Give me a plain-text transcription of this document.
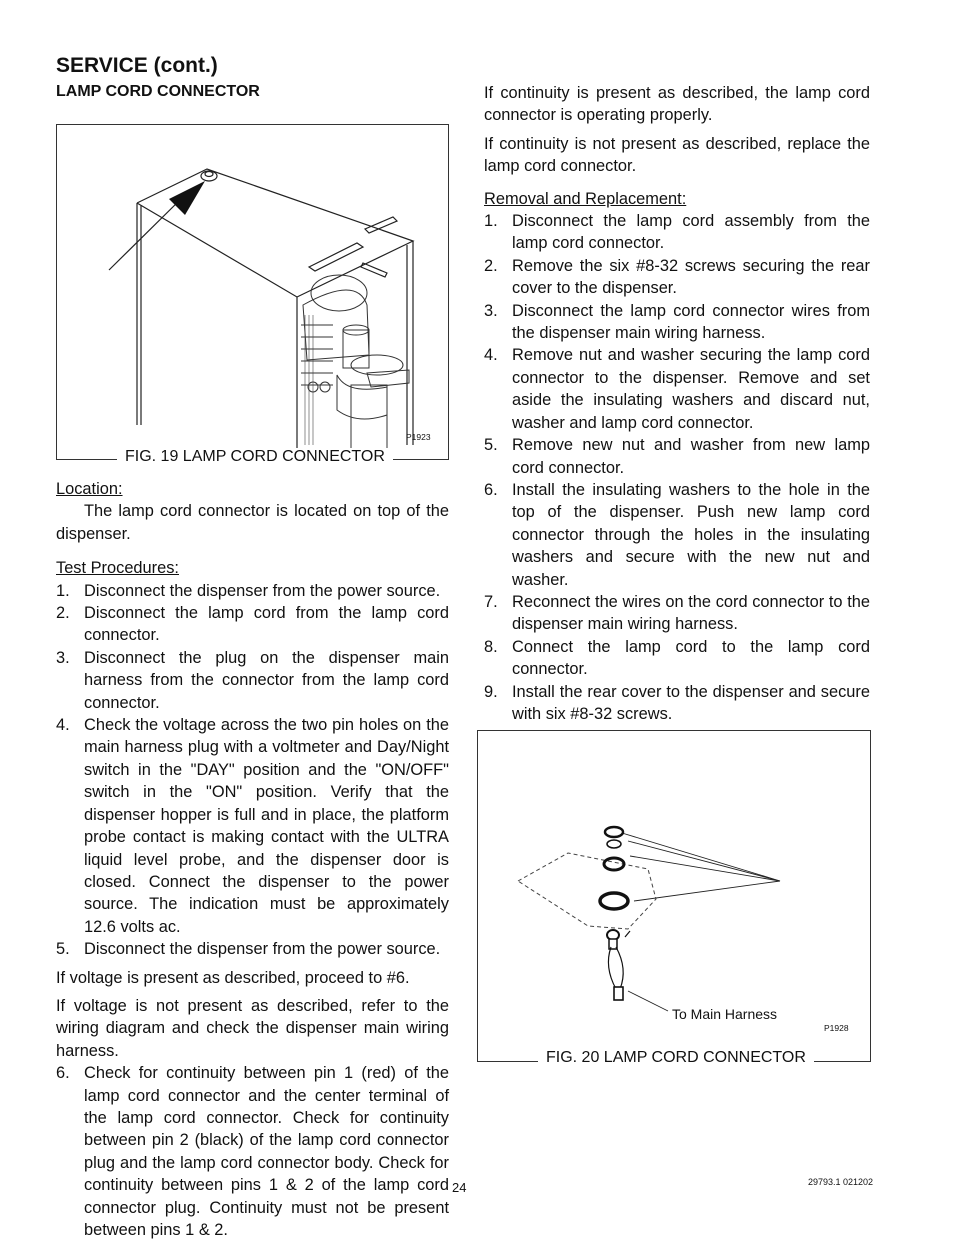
SERVICE (cont.)
LAMP CORD CONNECTOR
P1923
FIG. 19 LAMP CORD CONNECTOR
Location:

The lamp cord connector is located on top of the dispenser.

Test Procedures:
1. Disconnect the dispenser from the power source.
2. Disconnect the lamp cord from the lamp cord connector.
3. Disconnect the plug on the dispenser main harness from the connector from the lamp cord connector.
4. Check the voltage across the two pin holes on the main harness plug with a voltmeter and Day/Night switch in the "DAY" position and the "ON/OFF" switch in the "ON" position. Verify that the dispenser hopper is full and in place, the platform probe contact is making contact with the ULTRA liquid level probe, and the dispenser door is closed. Connect the dispenser to the power source. The indication must be approximately 12.6 volts ac.
5. Disconnect the dispenser from the power source.

If voltage is present as described, proceed to #6.

If voltage is not present as described, refer to the wiring diagram and check the dispenser main wiring harness.

6. Check for continuity between pin 1 (red) of the lamp cord connector and the center terminal of the lamp cord connector. Check for continuity between pin 2 (black) of the lamp cord connector plug and the lamp cord connector body. Check for continuity between pins 1 & 2 of the lamp cord connector plug. Continuity must not be present between pins 1 & 2.

If continuity is present as described, the lamp cord connector is operating properly.

If continuity is not present as described, replace the lamp cord connector.

Removal and Replacement:
1. Disconnect the lamp cord assembly from the lamp cord connector.
2. Remove the six #8-32 screws securing the rear cover to the dispenser.
3. Disconnect the lamp cord connector wires from the dispenser main wiring harness.
4. Remove nut and washer securing the lamp cord connector to the dispenser. Remove and set aside the insulating washers and discard nut, washer and lamp cord connector.
5. Remove new nut and washer from new lamp cord connector.
6. Install the insulating washers to the hole in the top of the dispenser. Push new lamp cord connector through the holes in the insulating washers and secure with the new nut and washer.
7. Reconnect the wires on the cord connector to the dispenser main wiring harness.
8. Connect the lamp cord to the lamp cord connector.
9. Install the rear cover to the dispenser and secure with six #8-32 screws.
To Main Harness
P1928
FIG. 20 LAMP CORD CONNECTOR
24	29793.1 021202
